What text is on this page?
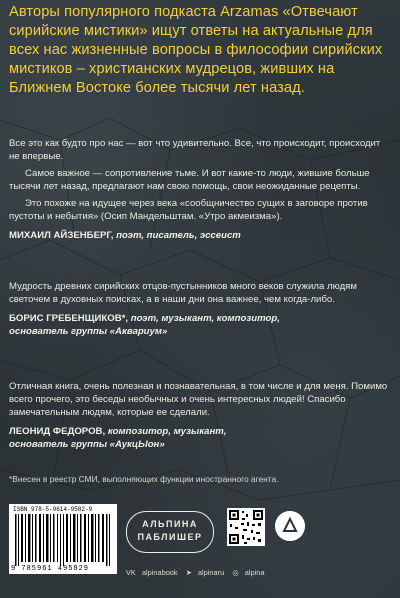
Авторы популярного подкаста Arzamas «Отвечают сирийские мистики» ищут ответы на актуальные для всех нас жизненные вопросы в философии сирийских мистиков – христианских мудрецов, живших на Ближнем Востоке более тысячи лет назад.

Все это как будто про нас — вот что удивительно. Все, что происходит, происходит не впервые.

Самое важное — сопротивление тьме. И вот какие-то люди, жившие больше тысячи лет назад, предлагают нам свою помощь, свои неожиданные рецепты.

Это похоже на идущее через века «сообщничество сущих в заговоре против пустоты и небытия» (Осип Мандельштам. «Утро акмеизма»).

МИХАИЛ АЙЗЕНБЕРГ, поэт, писатель, эссеист

Мудрость древних сирийских отцов-пустынников много веков служила людям светочем в духовных поисках, а в наши дни она важнее, чем когда-либо.

БОРИС ГРЕБЕНЩИКОВ*, поэт, музыкант, композитор,
основатель группы «Аквариум»

Отличная книга, очень полезная и познавательная, в том числе и для меня. Помимо всего прочего, это беседы необычных и очень интересных людей! Спасибо замечательным людям, которые ее сделали.

ЛЕОНИД ФЕДОРОВ, композитор, музыкант,
основатель группы «АукцЫон»

*Внесен в реестр СМИ, выполняющих функции иностранного агента.
ISBN 978-5-9614-9582-9
9 785961 495829
АЛЬПИНА
ПАБЛИШЕР
VK alpinabook ➤ alpinaru ◎ alpina
